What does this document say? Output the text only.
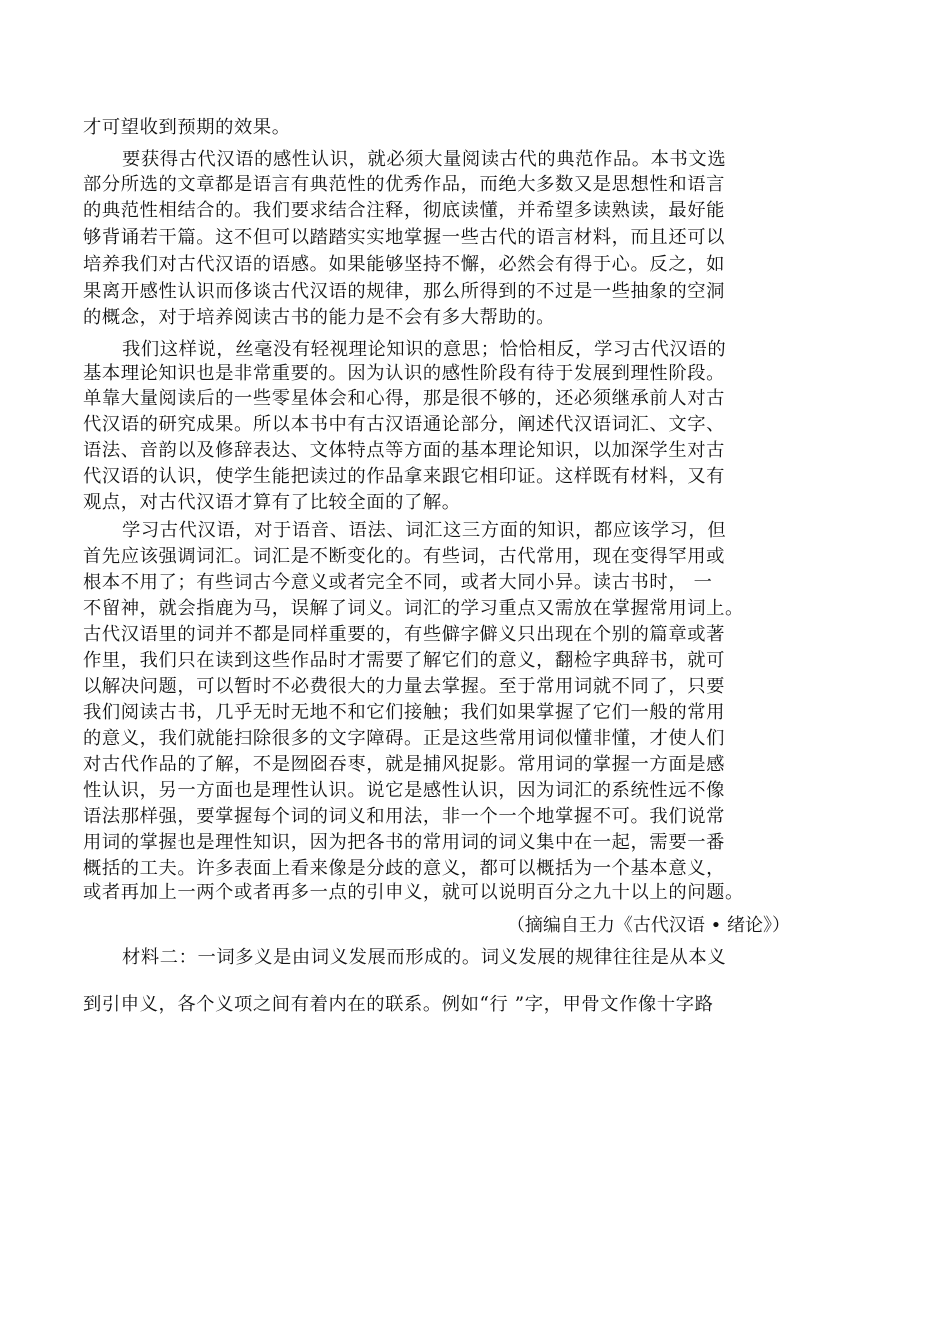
才可望收到预期的效果。
要获得古代汉语的感性认识，就必须大量阅读古代的典范作品。本书文选
部分所选的文章都是语言有典范性的优秀作品，而绝大多数又是思想性和语言
的典范性相结合的。我们要求结合注释，彻底读懂，并希望多读熟读，最好能
够背诵若干篇。这不但可以踏踏实实地掌握一些古代的语言材料，而且还可以
培养我们对古代汉语的语感。如果能够坚持不懈，必然会有得于心。反之，如
果离开感性认识而侈谈古代汉语的规律，那么所得到的不过是一些抽象的空洞
的概念，对于培养阅读古书的能力是不会有多大帮助的。
我们这样说，丝毫没有轻视理论知识的意思；恰恰相反，学习古代汉语的
基本理论知识也是非常重要的。因为认识的感性阶段有待于发展到理性阶段。
单靠大量阅读后的一些零星体会和心得，那是很不够的，还必须继承前人对古
代汉语的研究成果。所以本书中有古汉语通论部分，阐述代汉语词汇、文字、
语法、音韵以及修辞表达、文体特点等方面的基本理论知识，以加深学生对古
代汉语的认识，使学生能把读过的作品拿来跟它相印证。这样既有材料，又有
观点，对古代汉语才算有了比较全面的了解。
学习古代汉语，对于语音、语法、词汇这三方面的知识，都应该学习，但
首先应该强调词汇。词汇是不断变化的。有些词，古代常用，现在变得罕用或
根本不用了；有些词古今意义或者完全不同，或者大同小异。读古书时， 一
不留神，就会指鹿为马，误解了词义。词汇的学习重点又需放在掌握常用词上。
古代汉语里的词并不都是同样重要的，有些僻字僻义只出现在个别的篇章或著
作里，我们只在读到这些作品时才需要了解它们的意义，翻检字典辞书，就可
以解决问题，可以暂时不必费很大的力量去掌握。至于常用词就不同了，只要
我们阅读古书，几乎无时无地不和它们接触；我们如果掌握了它们一般的常用
的意义，我们就能扫除很多的文字障碍。正是这些常用词似懂非懂，才使人们
对古代作品的了解，不是囫囵吞枣，就是捕风捉影。常用词的掌握一方面是感
性认识，另一方面也是理性认识。说它是感性认识，因为词汇的系统性远不像
语法那样强，要掌握每个词的词义和用法，非一个一个地掌握不可。我们说常
用词的掌握也是理性知识，因为把各书的常用词的词义集中在一起，需要一番
概括的工夫。许多表面上看来像是分歧的意义，都可以概括为一个基本意义，
或者再加上一两个或者再多一点的引申义，就可以说明百分之九十以上的问题。
（摘编自王力《古代汉语 • 绪论》）
材料二：一词多义是由词义发展而形成的。词义发展的规律往往是从本义
到引申义，各个义项之间有着内在的联系。例如“行 ”字，甲骨文作像十字路
